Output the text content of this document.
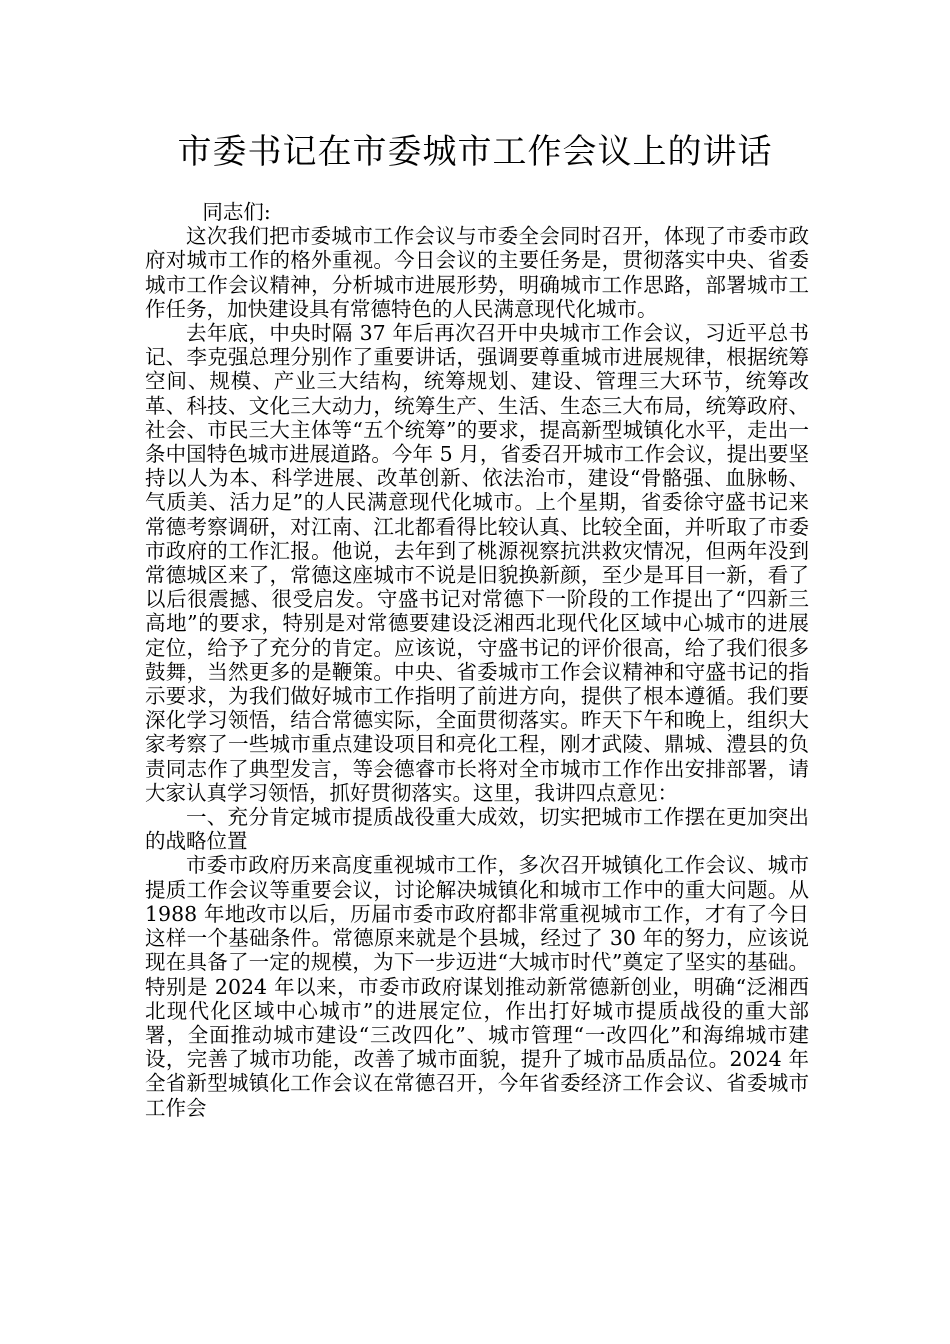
市委书记在市委城市工作会议上的讲话

同志们:

这次我们把市委城市工作会议与市委全会同时召开，体现了市委市政府对城市工作的格外重视。今日会议的主要任务是，贯彻落实中央、省委城市工作会议精神，分析城市进展形势，明确城市工作思路，部署城市工作任务，加快建设具有常德特色的人民满意现代化城市。

去年底，中央时隔 37 年后再次召开中央城市工作会议，习近平总书记、李克强总理分别作了重要讲话，强调要尊重城市进展规律，根据统筹空间、规模、产业三大结构，统筹规划、建设、管理三大环节，统筹改革、科技、文化三大动力，统筹生产、生活、生态三大布局，统筹政府、社会、市民三大主体等“五个统筹”的要求，提高新型城镇化水平，走出一条中国特色城市进展道路。今年 5 月，省委召开城市工作会议，提出要坚持以人为本、科学进展、改革创新、依法治市，建设“骨骼强、血脉畅、气质美、活力足”的人民满意现代化城市。上个星期，省委徐守盛书记来常德考察调研，对江南、江北都看得比较认真、比较全面，并听取了市委市政府的工作汇报。他说，去年到了桃源视察抗洪救灾情况，但两年没到常德城区来了，常德这座城市不说是旧貌换新颜，至少是耳目一新，看了以后很震撼、很受启发。守盛书记对常德下一阶段的工作提出了“四新三高地”的要求，特别是对常德要建设泛湘西北现代化区域中心城市的进展定位，给予了充分的肯定。应该说，守盛书记的评价很高，给了我们很多鼓舞，当然更多的是鞭策。中央、省委城市工作会议精神和守盛书记的指示要求，为我们做好城市工作指明了前进方向，提供了根本遵循。我们要深化学习领悟，结合常德实际，全面贯彻落实。昨天下午和晚上，组织大家考察了一些城市重点建设项目和亮化工程，刚才武陵、鼎城、澧县的负责同志作了典型发言，等会德睿市长将对全市城市工作作出安排部署，请大家认真学习领悟，抓好贯彻落实。这里，我讲四点意见：

一、充分肯定城市提质战役重大成效，切实把城市工作摆在更加突出的战略位置

市委市政府历来高度重视城市工作，多次召开城镇化工作会议、城市提质工作会议等重要会议，讨论解决城镇化和城市工作中的重大问题。从 1988 年地改市以后，历届市委市政府都非常重视城市工作，才有了今日这样一个基础条件。常德原来就是个县城，经过了 30 年的努力，应该说现在具备了一定的规模，为下一步迈进“大城市时代”奠定了坚实的基础。特别是 2024 年以来，市委市政府谋划推动新常德新创业，明确“泛湘西北现代化区域中心城市”的进展定位，作出打好城市提质战役的重大部署，全面推动城市建设“三改四化”、城市管理“一改四化”和海绵城市建设，完善了城市功能，改善了城市面貌，提升了城市品质品位。2024 年全省新型城镇化工作会议在常德召开，今年省委经济工作会议、省委城市工作会
